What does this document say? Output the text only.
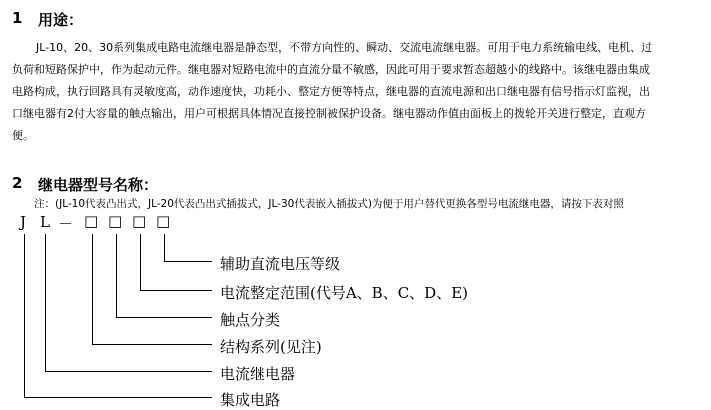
1 用途：
JL-10、20、30系列集成电路电流继电器是静态型，不带方向性的、瞬动、交流电流继电器。可用于电力系统输电线、电机、过
负荷和短路保护中，作为起动元件。继电器对短路电流中的直流分量不敏感，因此可用于要求暂态超越小的线路中。该继电器由集成
电路构成，执行回路具有灵敏度高，动作速度快，功耗小、整定方便等特点，继电器的直流电源和出口继电器有信号指示灯监视，出
口继电器有2付大容量的触点输出，用户可根据具体情况直接控制被保护设备。继电器动作值由面板上的拨轮开关进行整定，直观方
便。
2 继电器型号名称：
注：(JL-10代表凸出式，JL-20代表凸出式插拔式，JL-30代表嵌入插拔式)为便于用户替代更换各型号电流继电器，请按下表对照
J L － □ □ □ □
辅助直流电压等级
电流整定范围(代号A、B、C、D、E)
触点分类
结构系列(见注)
电流继电器
集成电路
